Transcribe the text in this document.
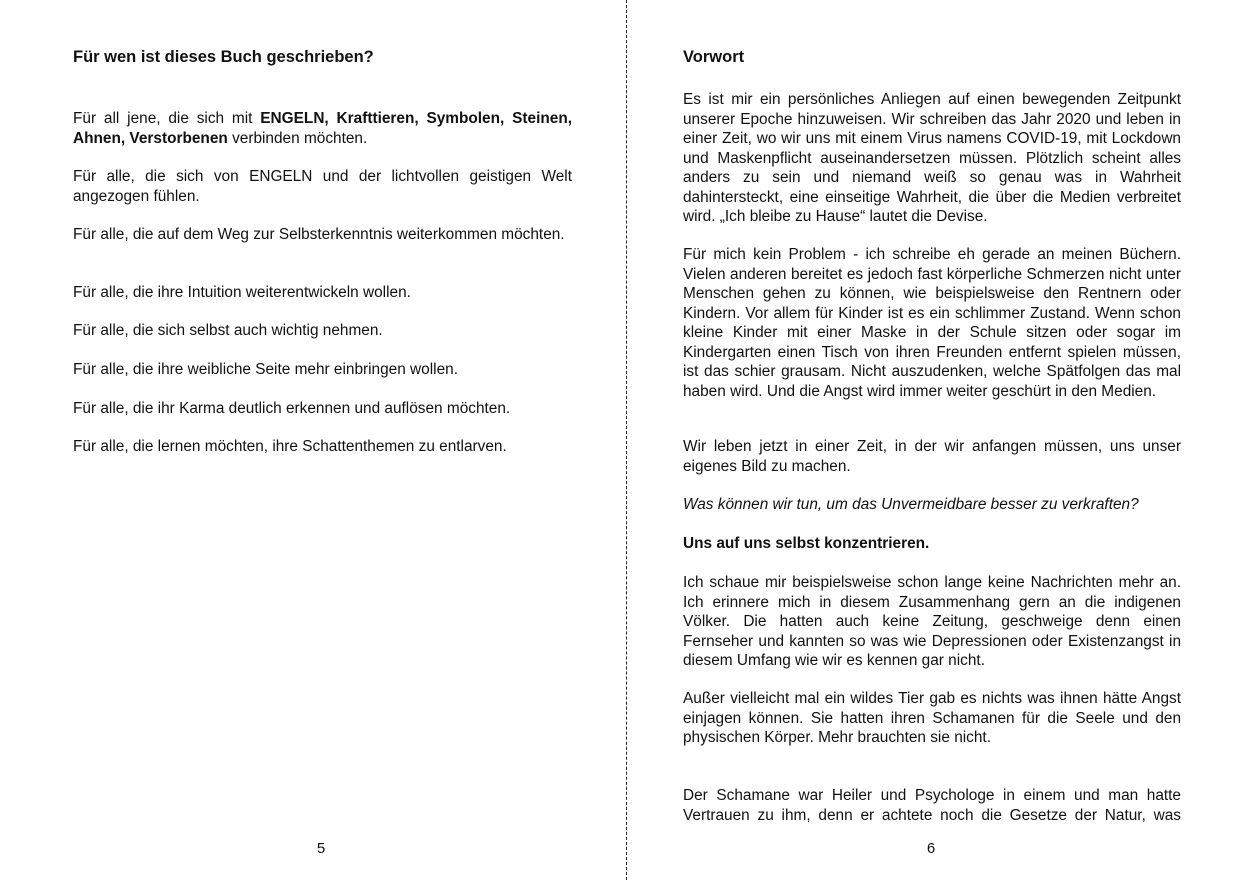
Für wen ist dieses Buch geschrieben?

Für all jene, die sich mit ENGELN, Krafttieren, Symbolen, Steinen, Ahnen, Verstorbenen verbinden möchten.

Für alle, die sich von ENGELN und der lichtvollen geistigen Welt angezogen fühlen.

Für alle, die auf dem Weg zur Selbsterkenntnis weiterkommen möchten.

Für alle, die ihre Intuition weiterentwickeln wollen.

Für alle, die sich selbst auch wichtig nehmen.

Für alle, die ihre weibliche Seite mehr einbringen wollen.

Für alle, die ihr Karma deutlich erkennen und auflösen möchten.

Für alle, die lernen möchten, ihre Schattenthemen zu entlarven.

5
Vorwort

Es ist mir ein persönliches Anliegen auf einen bewegenden Zeitpunkt unserer Epoche hinzuweisen. Wir schreiben das Jahr 2020 und leben in einer Zeit, wo wir uns mit einem Virus namens COVID-19, mit Lockdown und Maskenpflicht auseinandersetzen müssen. Plötzlich scheint alles anders zu sein und niemand weiß so genau was in Wahrheit dahintersteckt, eine einseitige Wahrheit, die über die Medien verbreitet wird. „Ich bleibe zu Hause“ lautet die Devise.

Für mich kein Problem - ich schreibe eh gerade an meinen Büchern. Vielen anderen bereitet es jedoch fast körperliche Schmerzen nicht unter Menschen gehen zu können, wie beispielsweise den Rentnern oder Kindern. Vor allem für Kinder ist es ein schlimmer Zustand. Wenn schon kleine Kinder mit einer Maske in der Schule sitzen oder sogar im Kindergarten einen Tisch von ihren Freunden entfernt spielen müssen, ist das schier grausam. Nicht auszudenken, welche Spätfolgen das mal haben wird. Und die Angst wird immer weiter geschürt in den Medien.

Wir leben jetzt in einer Zeit, in der wir anfangen müssen, uns unser eigenes Bild zu machen.

Was können wir tun, um das Unvermeidbare besser zu verkraften?

Uns auf uns selbst konzentrieren.

Ich schaue mir beispielsweise schon lange keine Nachrichten mehr an. Ich erinnere mich in diesem Zusammenhang gern an die indigenen Völker. Die hatten auch keine Zeitung, geschweige denn einen Fernseher und kannten so was wie Depressionen oder Existenzangst in diesem Umfang wie wir es kennen gar nicht.

Außer vielleicht mal ein wildes Tier gab es nichts was ihnen hätte Angst einjagen können. Sie hatten ihren Schamanen für die Seele und den physischen Körper. Mehr brauchten sie nicht.

Der Schamane war Heiler und Psychologe in einem und man hatte Vertrauen zu ihm, denn er achtete noch die Gesetze der Natur, was

6
